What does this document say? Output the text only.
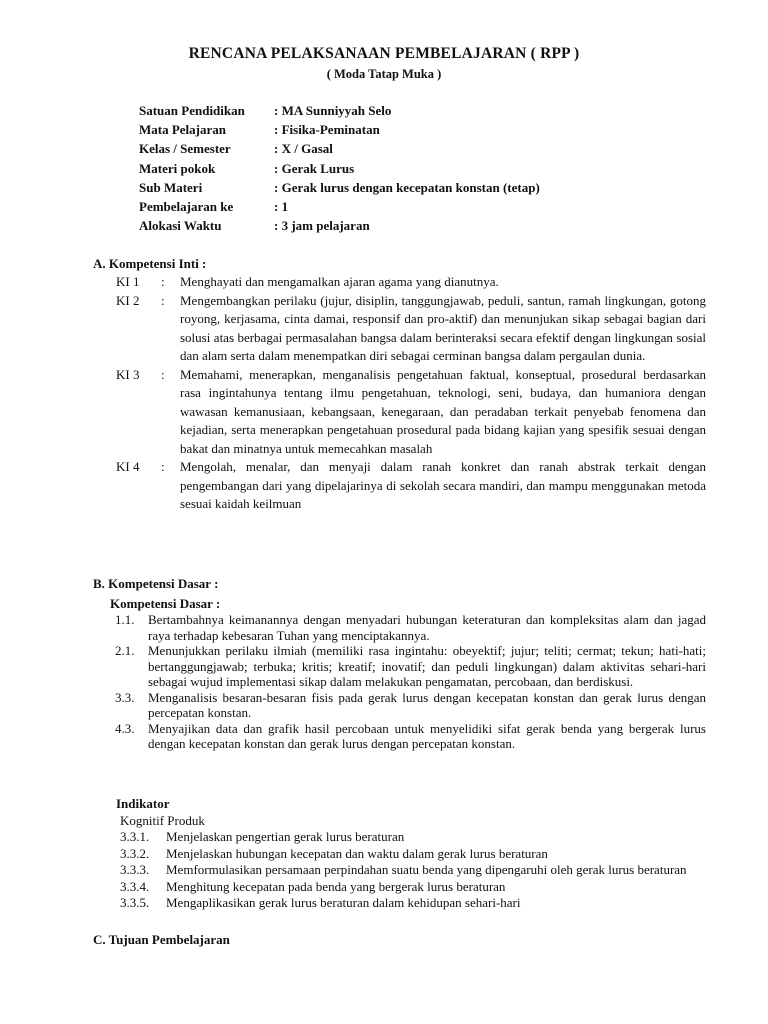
RENCANA PELAKSANAAN PEMBELAJARAN ( RPP )
( Moda Tatap Muka )
Satuan Pendidikan : MA Sunniyyah Selo
Mata Pelajaran	: Fisika-Peminatan
Kelas / Semester	: X / Gasal
Materi pokok	: Gerak Lurus
Sub Materi	: Gerak lurus dengan kecepatan konstan (tetap)
Pembelajaran ke	: 1
Alokasi Waktu	: 3 jam pelajaran
A. Kompetensi Inti :
KI 1	:	Menghayati dan mengamalkan ajaran agama yang dianutnya.
KI 2	:	Mengembangkan perilaku (jujur, disiplin, tanggungjawab, peduli, santun, ramah lingkungan, gotong royong, kerjasama, cinta damai, responsif dan pro-aktif) dan menunjukan sikap sebagai bagian dari solusi atas berbagai permasalahan bangsa dalam berinteraksi secara efektif dengan lingkungan sosial dan alam serta dalam menempatkan diri sebagai cerminan bangsa dalam pergaulan dunia.
KI 3	:	Memahami, menerapkan, menganalisis pengetahuan faktual, konseptual, prosedural berdasarkan rasa ingintahunya tentang ilmu pengetahuan, teknologi, seni, budaya, dan humaniora dengan wawasan kemanusiaan, kebangsaan, kenegaraan, dan peradaban terkait penyebab fenomena dan kejadian, serta menerapkan pengetahuan prosedural pada bidang kajian yang spesifik sesuai dengan bakat dan minatnya untuk memecahkan masalah
KI 4	:	Mengolah, menalar, dan menyaji dalam ranah konkret dan ranah abstrak terkait dengan pengembangan dari yang dipelajarinya di sekolah secara mandiri, dan mampu menggunakan metoda sesuai kaidah keilmuan
B. Kompetensi Dasar :
Kompetensi Dasar :
1.1.	Bertambahnya keimanannya dengan menyadari hubungan keteraturan dan kompleksitas alam dan jagad raya terhadap kebesaran Tuhan yang menciptakannya.
2.1.	Menunjukkan perilaku ilmiah (memiliki rasa ingintahu: obeyektif; jujur; teliti; cermat; tekun; hati-hati; bertanggungjawab; terbuka; kritis; kreatif; inovatif; dan peduli lingkungan) dalam aktivitas sehari-hari sebagai wujud implementasi sikap dalam melakukan pengamatan, percobaan, dan berdiskusi.
3.3.	Menganalisis besaran-besaran fisis pada gerak lurus dengan kecepatan konstan dan gerak lurus dengan percepatan konstan.
4.3.	Menyajikan data dan grafik hasil percobaan untuk menyelidiki sifat gerak benda yang bergerak lurus dengan kecepatan konstan dan gerak lurus dengan percepatan konstan.
Indikator
Kognitif Produk
3.3.1.	Menjelaskan pengertian gerak lurus beraturan
3.3.2.	Menjelaskan hubungan kecepatan dan waktu dalam gerak lurus beraturan
3.3.3.	Memformulasikan persamaan perpindahan suatu benda yang dipengaruhi oleh gerak lurus beraturan
3.3.4.	Menghitung kecepatan pada benda yang bergerak lurus beraturan
3.3.5.	Mengaplikasikan gerak lurus beraturan dalam kehidupan sehari-hari
C. Tujuan Pembelajaran
